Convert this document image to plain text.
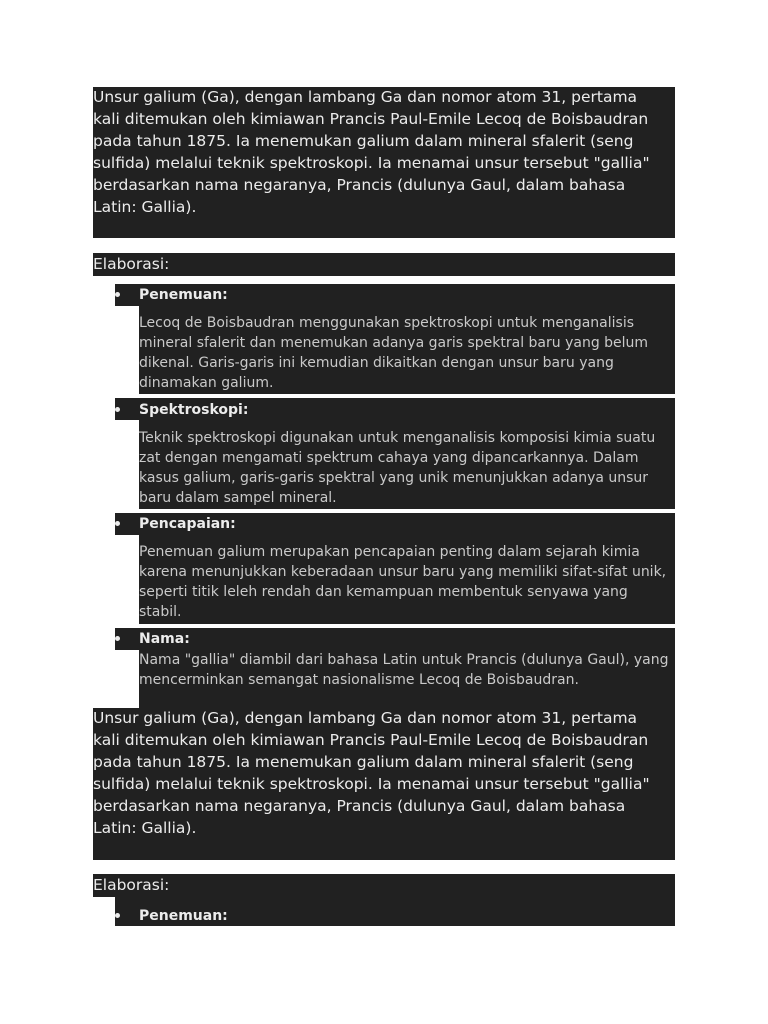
Unsur galium (Ga), dengan lambang Ga dan nomor atom 31, pertama kali ditemukan oleh kimiawan Prancis Paul-Emile Lecoq de Boisbaudran pada tahun 1875. Ia menemukan galium dalam mineral sfalerit (seng sulfida) melalui teknik spektroskopi. Ia menamai unsur tersebut "gallia" berdasarkan nama negaranya, Prancis (dulunya Gaul, dalam bahasa Latin: Gallia).

Elaborasi:

Penemuan:
Lecoq de Boisbaudran menggunakan spektroskopi untuk menganalisis mineral sfalerit dan menemukan adanya garis spektral baru yang belum dikenal. Garis-garis ini kemudian dikaitkan dengan unsur baru yang dinamakan galium.
Spektroskopi:
Teknik spektroskopi digunakan untuk menganalisis komposisi kimia suatu zat dengan mengamati spektrum cahaya yang dipancarkannya. Dalam kasus galium, garis-garis spektral yang unik menunjukkan adanya unsur baru dalam sampel mineral.
Pencapaian:
Penemuan galium merupakan pencapaian penting dalam sejarah kimia karena menunjukkan keberadaan unsur baru yang memiliki sifat-sifat unik, seperti titik leleh rendah dan kemampuan membentuk senyawa yang stabil.
Nama:
Nama "gallia" diambil dari bahasa Latin untuk Prancis (dulunya Gaul), yang mencerminkan semangat nasionalisme Lecoq de Boisbaudran.

Unsur galium (Ga), dengan lambang Ga dan nomor atom 31, pertama kali ditemukan oleh kimiawan Prancis Paul-Emile Lecoq de Boisbaudran pada tahun 1875. Ia menemukan galium dalam mineral sfalerit (seng sulfida) melalui teknik spektroskopi. Ia menamai unsur tersebut "gallia" berdasarkan nama negaranya, Prancis (dulunya Gaul, dalam bahasa Latin: Gallia).

Elaborasi:

Penemuan:
